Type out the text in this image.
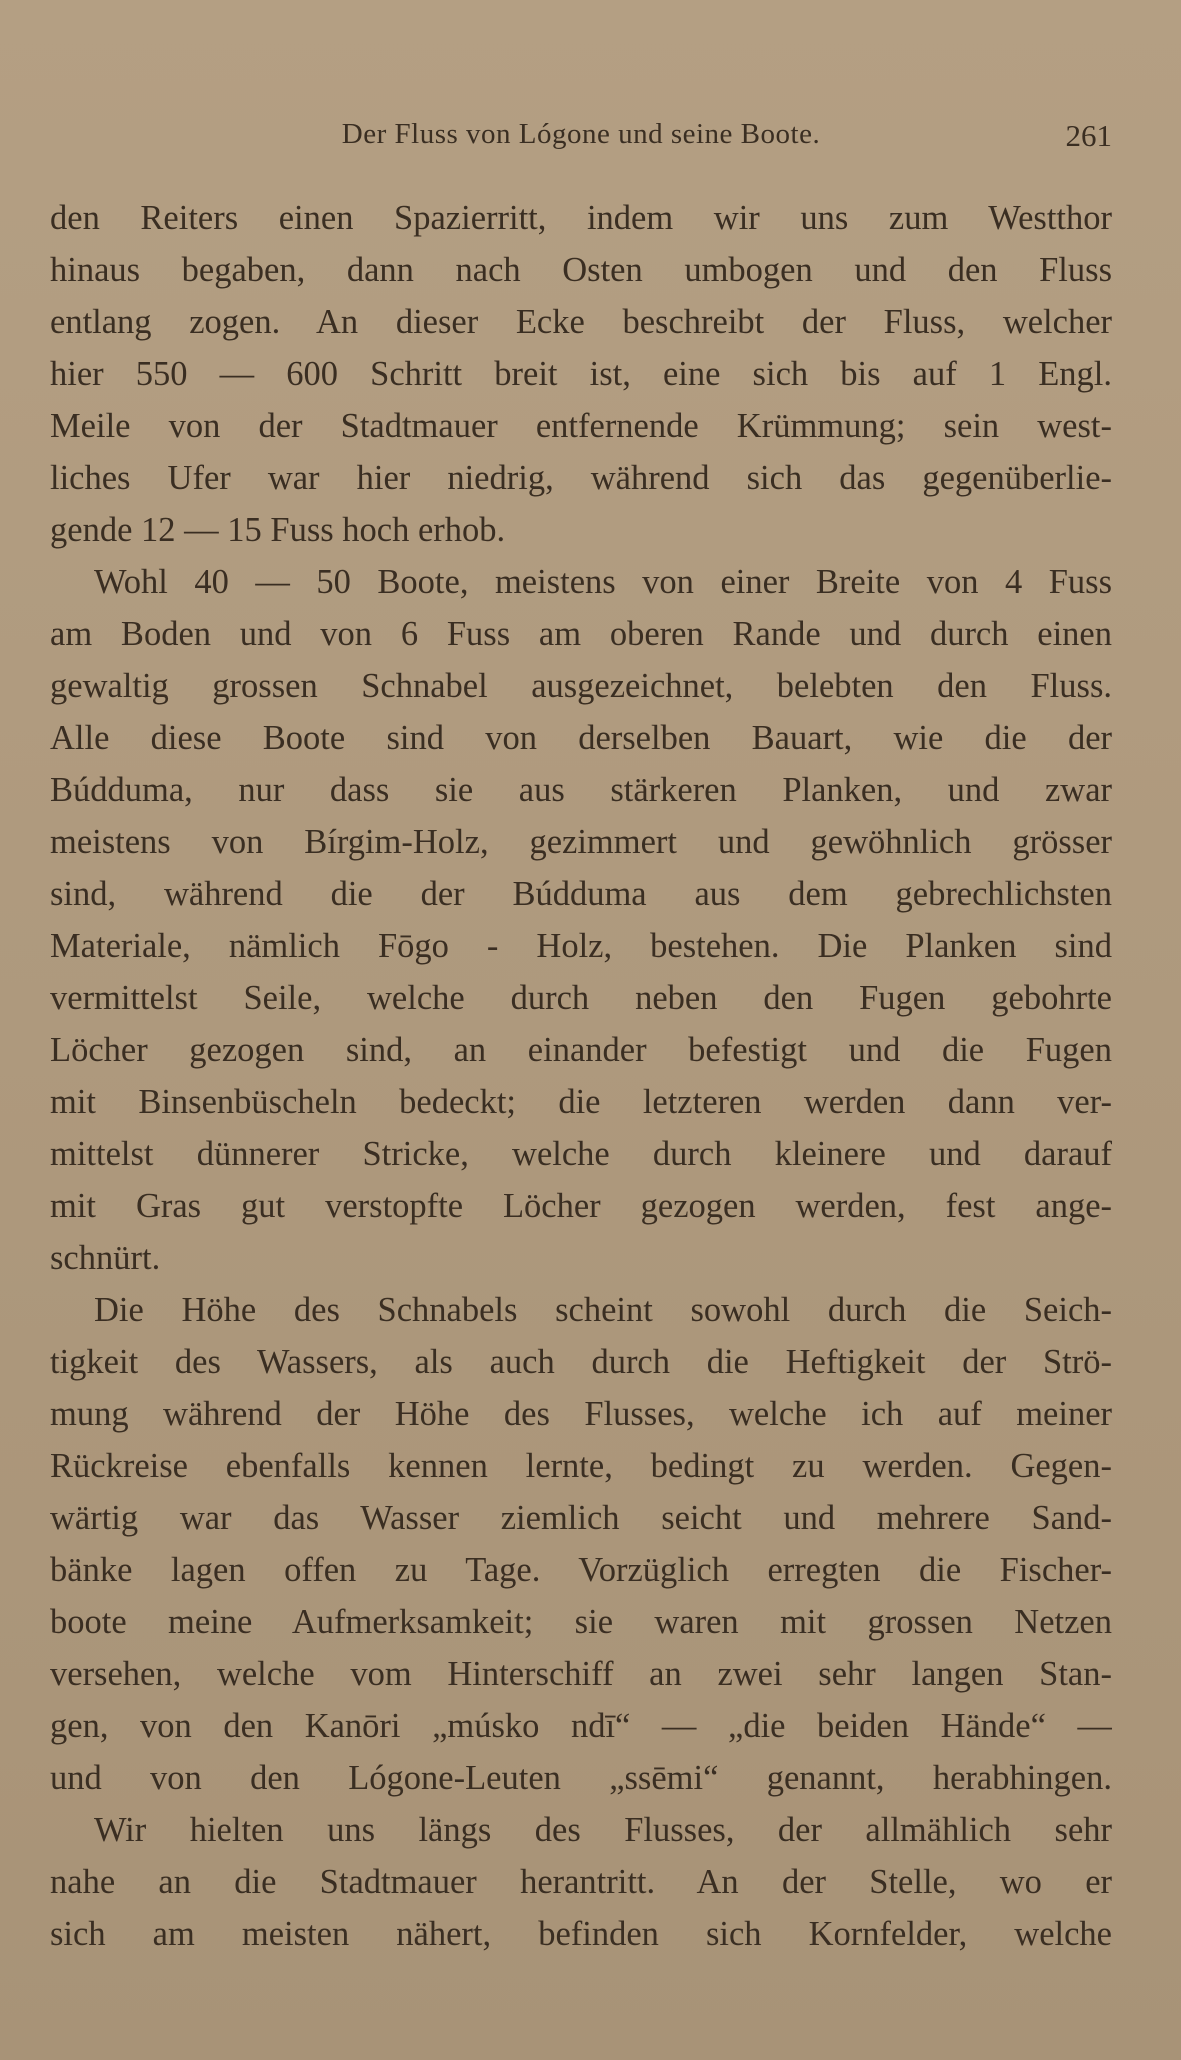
Der Fluss von Lógone und seine Boote.	261
den Reiters einen Spazierritt, indem wir uns zum Westthor
hinaus begaben, dann nach Osten umbogen und den Fluss
entlang zogen. An dieser Ecke beschreibt der Fluss, welcher
hier 550 — 600 Schritt breit ist, eine sich bis auf 1 Engl.
Meile von der Stadtmauer entfernende Krümmung; sein west-
liches Ufer war hier niedrig, während sich das gegenüberlie-
gende 12 — 15 Fuss hoch erhob.
Wohl 40 — 50 Boote, meistens von einer Breite von 4 Fuss
am Boden und von 6 Fuss am oberen Rande und durch einen
gewaltig grossen Schnabel ausgezeichnet, belebten den Fluss.
Alle diese Boote sind von derselben Bauart, wie die der
Búdduma, nur dass sie aus stärkeren Planken, und zwar
meistens von Bírgim-Holz, gezimmert und gewöhnlich grösser
sind, während die der Búdduma aus dem gebrechlichsten
Materiale, nämlich Fōgo - Holz, bestehen. Die Planken sind
vermittelst Seile, welche durch neben den Fugen gebohrte
Löcher gezogen sind, an einander befestigt und die Fugen
mit Binsenbüscheln bedeckt; die letzteren werden dann ver-
mittelst dünnerer Stricke, welche durch kleinere und darauf
mit Gras gut verstopfte Löcher gezogen werden, fest ange-
schnürt.
Die Höhe des Schnabels scheint sowohl durch die Seich-
tigkeit des Wassers, als auch durch die Heftigkeit der Strö-
mung während der Höhe des Flusses, welche ich auf meiner
Rückreise ebenfalls kennen lernte, bedingt zu werden. Gegen-
wärtig war das Wasser ziemlich seicht und mehrere Sand-
bänke lagen offen zu Tage. Vorzüglich erregten die Fischer-
boote meine Aufmerksamkeit; sie waren mit grossen Netzen
versehen, welche vom Hinterschiff an zwei sehr langen Stan-
gen, von den Kanōri „músko ndī“ — „die beiden Hände“ —
und von den Lógone-Leuten „ssēmi“ genannt, herabhingen.
Wir hielten uns längs des Flusses, der allmählich sehr
nahe an die Stadtmauer herantritt. An der Stelle, wo er
sich am meisten nähert, befinden sich Kornfelder, welche
